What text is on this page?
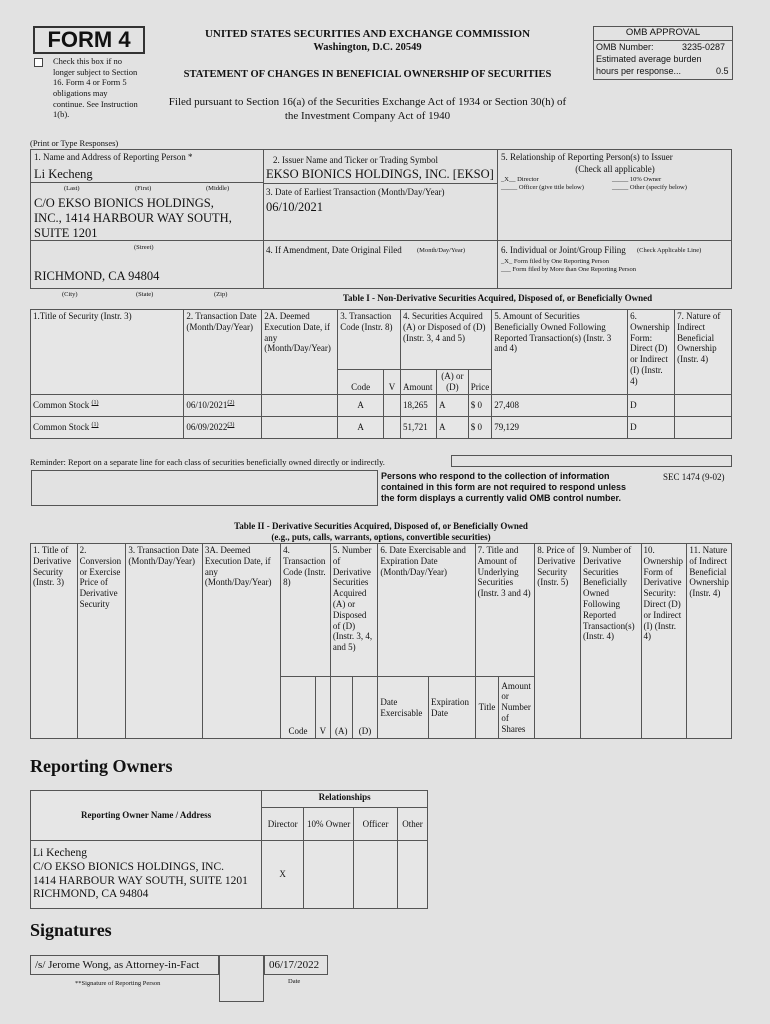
FORM 4
Check this box if no longer subject to Section 16. Form 4 or Form 5 obligations may continue. See Instruction 1(b).
UNITED STATES SECURITIES AND EXCHANGE COMMISSION
Washington, D.C. 20549
STATEMENT OF CHANGES IN BENEFICIAL OWNERSHIP OF SECURITIES
Filed pursuant to Section 16(a) of the Securities Exchange Act of 1934 or Section 30(h) of
the Investment Company Act of 1940
OMB APPROVAL
OMB Number:	3235-0287
Estimated average burden
hours per response...	0.5
(Print or Type Responses)
1. Name and Address of Reporting Person *
Li Kecheng
(Last)	(First)	(Middle)
C/O EKSO BIONICS HOLDINGS,
INC., 1414 HARBOUR WAY SOUTH,
SUITE 1201
(Street)
RICHMOND, CA 94804
(City)	(State)	(Zip)
2. Issuer Name and Ticker or Trading Symbol
EKSO BIONICS HOLDINGS, INC. [EKSO]
3. Date of Earliest Transaction (Month/Day/Year)
06/10/2021
4. If Amendment, Date Original Filed (Month/Day/Year)
5. Relationship of Reporting Person(s) to Issuer
(Check all applicable)
_X__ Director	_____ 10% Owner
_____ Officer (give title below)	_____ Other (specify below)
6. Individual or Joint/Group Filing (Check Applicable Line)
_X_ Form filed by One Reporting Person
___ Form filed by More than One Reporting Person
Table I - Non-Derivative Securities Acquired, Disposed of, or Beneficially Owned
1.Title of Security (Instr. 3)	2. Transaction Date (Month/Day/Year)	2A. Deemed Execution Date, if any (Month/Day/Year)	3. Transaction Code (Instr. 8)		4. Securities Acquired (A) or Disposed of (D) (Instr. 3, 4 and 5)			5. Amount of Securities Beneficially Owned Following Reported Transaction(s) (Instr. 3 and 4)	6. Ownership Form: Direct (D) or Indirect (I) (Instr. 4)	7. Nature of Indirect Beneficial Ownership (Instr. 4)
			Code	V	Amount	(A) or (D)	Price			
Common Stock $^{(1)}$	06/10/2021$^{(2)}$		A		18,265	A	$ 0	27,408	D	
Common Stock $^{(1)}$	06/09/2022$^{(3)}$		A		51,721	A	$ 0	79,129	D	
Reminder: Report on a separate line for each class of securities beneficially owned directly or indirectly.
Persons who respond to the collection of information
contained in this form are not required to respond unless
the form displays a currently valid OMB control number.
SEC 1474 (9-02)
Table II - Derivative Securities Acquired, Disposed of, or Beneficially Owned
(e.g., puts, calls, warrants, options, convertible securities)
1. Title of Derivative Security (Instr. 3)	2. Conversion or Exercise Price of Derivative Security	3. Transaction Date (Month/Day/Year)	3A. Deemed Execution Date, if any (Month/Day/Year)	4. Transaction Code (Instr. 8)		5. Number of Derivative Securities Acquired (A) or Disposed of (D) (Instr. 3, 4, and 5)		6. Date Exercisable and Expiration Date (Month/Day/Year)		7. Title and Amount of Underlying Securities (Instr. 3 and 4)		8. Price of Derivative Security (Instr. 5)	9. Number of Derivative Securities Beneficially Owned Following Reported Transaction(s) (Instr. 4)	10. Ownership Form of Derivative Security: Direct (D) or Indirect (I) (Instr. 4)	11. Nature of Indirect Beneficial Ownership (Instr. 4)
				Code	V	(A)	(D)	Date Exercisable	Expiration Date	Title	Amount or Number of Shares				
Reporting Owners
Reporting Owner Name / Address	Relationships			
	Director	10% Owner	Officer	Other

Li Kecheng
C/O EKSO BIONICS HOLDINGS, INC.
1414 HARBOUR WAY SOUTH, SUITE 1201
RICHMOND, CA 94804	X			
Signatures
/s/ Jerome Wong, as Attorney-in-Fact
**Signature of Reporting Person
06/17/2022
Date
